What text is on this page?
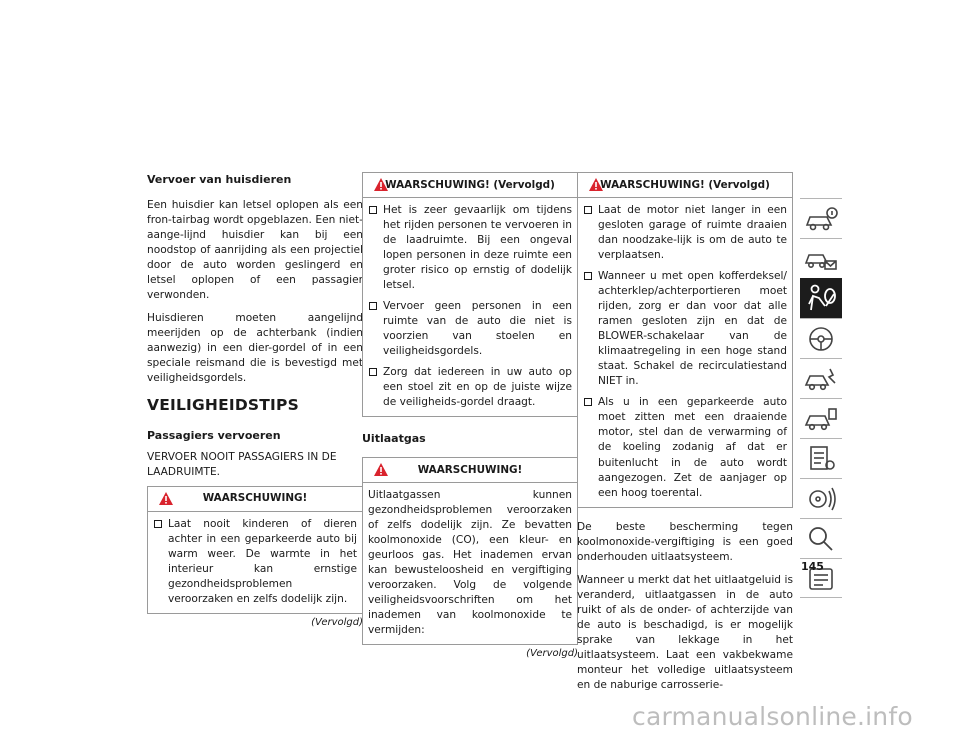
Vervoer van huisdieren

Een huisdier kan letsel oplopen als een fron-tairbag wordt opgeblazen. Een niet-aange-lijnd huisdier kan bij een noodstop of aanrijding als een projectiel door de auto worden geslingerd en letsel oplopen of een passagier verwonden.

Huisdieren moeten aangelijnd meerijden op de achterbank (indien aanwezig) in een dier-gordel of in een speciale reismand die is bevestigd met veiligheidsgordels.

VEILIGHEIDSTIPS
Passagiers vervoeren

VERVOER NOOIT PASSAGIERS IN DE LAADRUIMTE.

WAARSCHUWING!
Laat nooit kinderen of dieren achter in een geparkeerde auto bij warm weer. De warmte in het interieur kan ernstige gezondheidsproblemen veroorzaken en zelfs dodelijk zijn.
(Vervolgd)
WAARSCHUWING! (Vervolgd)
Het is zeer gevaarlijk om tijdens het rijden personen te vervoeren in de laadruimte. Bij een ongeval lopen personen in deze ruimte een groter risico op ernstig of dodelijk letsel.
Vervoer geen personen in een ruimte van de auto die niet is voorzien van stoelen en veiligheidsgordels.
Zorg dat iedereen in uw auto op een stoel zit en op de juiste wijze de veiligheids-gordel draagt.
Uitlaatgas
WAARSCHUWING!
Uitlaatgassen kunnen gezondheidsproblemen veroorzaken of zelfs dodelijk zijn. Ze bevatten koolmonoxide (CO), een kleur- en geurloos gas. Het inademen ervan kan bewusteloosheid en vergiftiging veroorzaken. Volg de volgende veiligheidsvoorschriften om het inademen van koolmonoxide te vermijden:
(Vervolgd)
WAARSCHUWING! (Vervolgd)
Laat de motor niet langer in een gesloten garage of ruimte draaien dan noodzake-lijk is om de auto te verplaatsen.
Wanneer u met open kofferdeksel/ achterklep/achterportieren moet rijden, zorg er dan voor dat alle ramen gesloten zijn en dat de BLOWER-schakelaar van de klimaatregeling in een hoge stand staat. Schakel de recirculatiestand NIET in.
Als u in een geparkeerde auto moet zitten met een draaiende motor, stel dan de verwarming of de koeling zodanig af dat er buitenlucht in de auto wordt aangezogen. Zet de aanjager op een hoog toerental.

De beste bescherming tegen koolmonoxide-vergiftiging is een goed onderhouden uitlaatsysteem.

Wanneer u merkt dat het uitlaatgeluid is veranderd, uitlaatgassen in de auto ruikt of als de onder- of achterzijde van de auto is beschadigd, is er mogelijk sprake van lekkage in het uitlaatsysteem. Laat een vakbekwame monteur het volledige uitlaatsysteem en de naburige carrosserie-

145
carmanualsonline.info
